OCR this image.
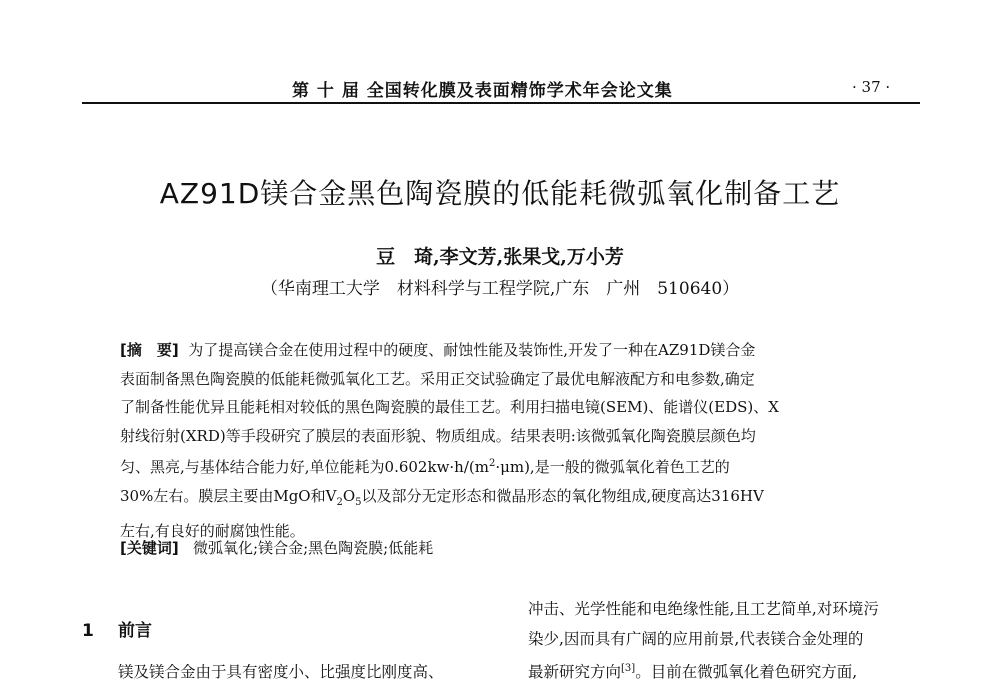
第 十 届 全国转化膜及表面精饰学术年会论文集	· 37 ·
AZ91D镁合金黑色陶瓷膜的低能耗微弧氧化制备工艺
豆　琦,李文芳,张果戈,万小芳
（华南理工大学　材料科学与工程学院,广东　广州　510640）

[摘　要] 为了提高镁合金在使用过程中的硬度、耐蚀性能及装饰性,开发了一种在AZ91D镁合金

表面制备黑色陶瓷膜的低能耗微弧氧化工艺。采用正交试验确定了最优电解液配方和电参数,确定

了制备性能优异且能耗相对较低的黑色陶瓷膜的最佳工艺。利用扫描电镜(SEM)、能谱仪(EDS)、X

射线衍射(XRD)等手段研究了膜层的表面形貌、物质组成。结果表明:该微弧氧化陶瓷膜层颜色均

匀、黑亮,与基体结合能力好,单位能耗为$0.602kw\cdot h/(m^2\cdot\mu m)$,是一般的微弧氧化着色工艺的

30%左右。膜层主要由MgO和$V_2O_5$以及部分无定形态和微晶形态的氧化物组成,硬度高达316HV

左右,有良好的耐腐蚀性能。

[关键词] 微弧氧化;镁合金;黑色陶瓷膜;低能耗
1 前言
镁及镁合金由于具有密度小、比强度比刚度高、
冲击、光学性能和电绝缘性能,且工艺简单,对环境污
染少,因而具有广阔的应用前景,代表镁合金处理的
最新研究方向[3]。目前在微弧氧化着色研究方面,
